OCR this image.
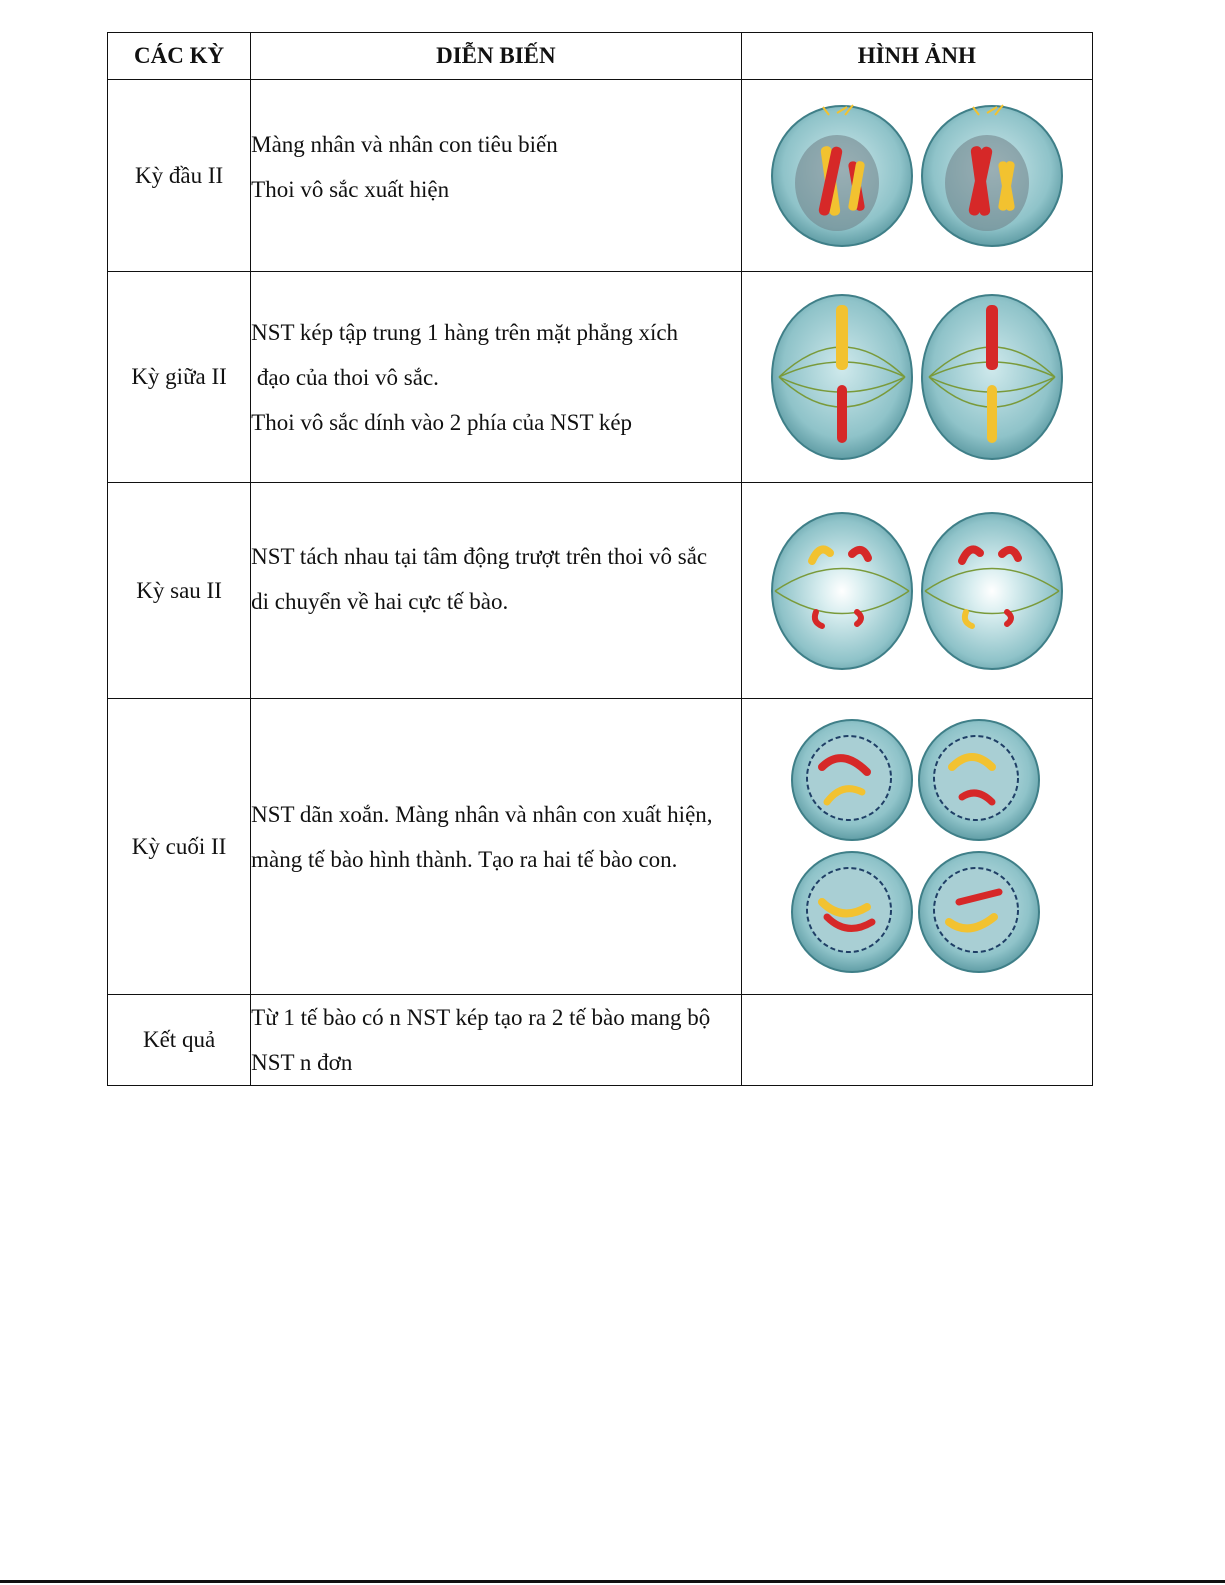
CÁC KỲ	DIỄN BIẾN	HÌNH ẢNH
Kỳ đầu II	Màng nhân và nhân con tiêu biến
Thoi vô sắc xuất hiện

Kỳ giữa II	NST kép tập trung 1 hàng trên mặt phẳng xích
đạo của thoi vô sắc.
Thoi vô sắc dính vào 2 phía của NST kép

Kỳ sau II	NST tách nhau tại tâm động trượt trên thoi vô sắc
di chuyển về hai cực tế bào.

Kỳ cuối II	NST dãn xoắn. Màng nhân và nhân con xuất hiện,
màng tế bào hình thành. Tạo ra hai tế bào con.

Kết quả	Từ 1 tế bào có n NST kép tạo ra 2 tế bào mang bộ
NST n đơn	
